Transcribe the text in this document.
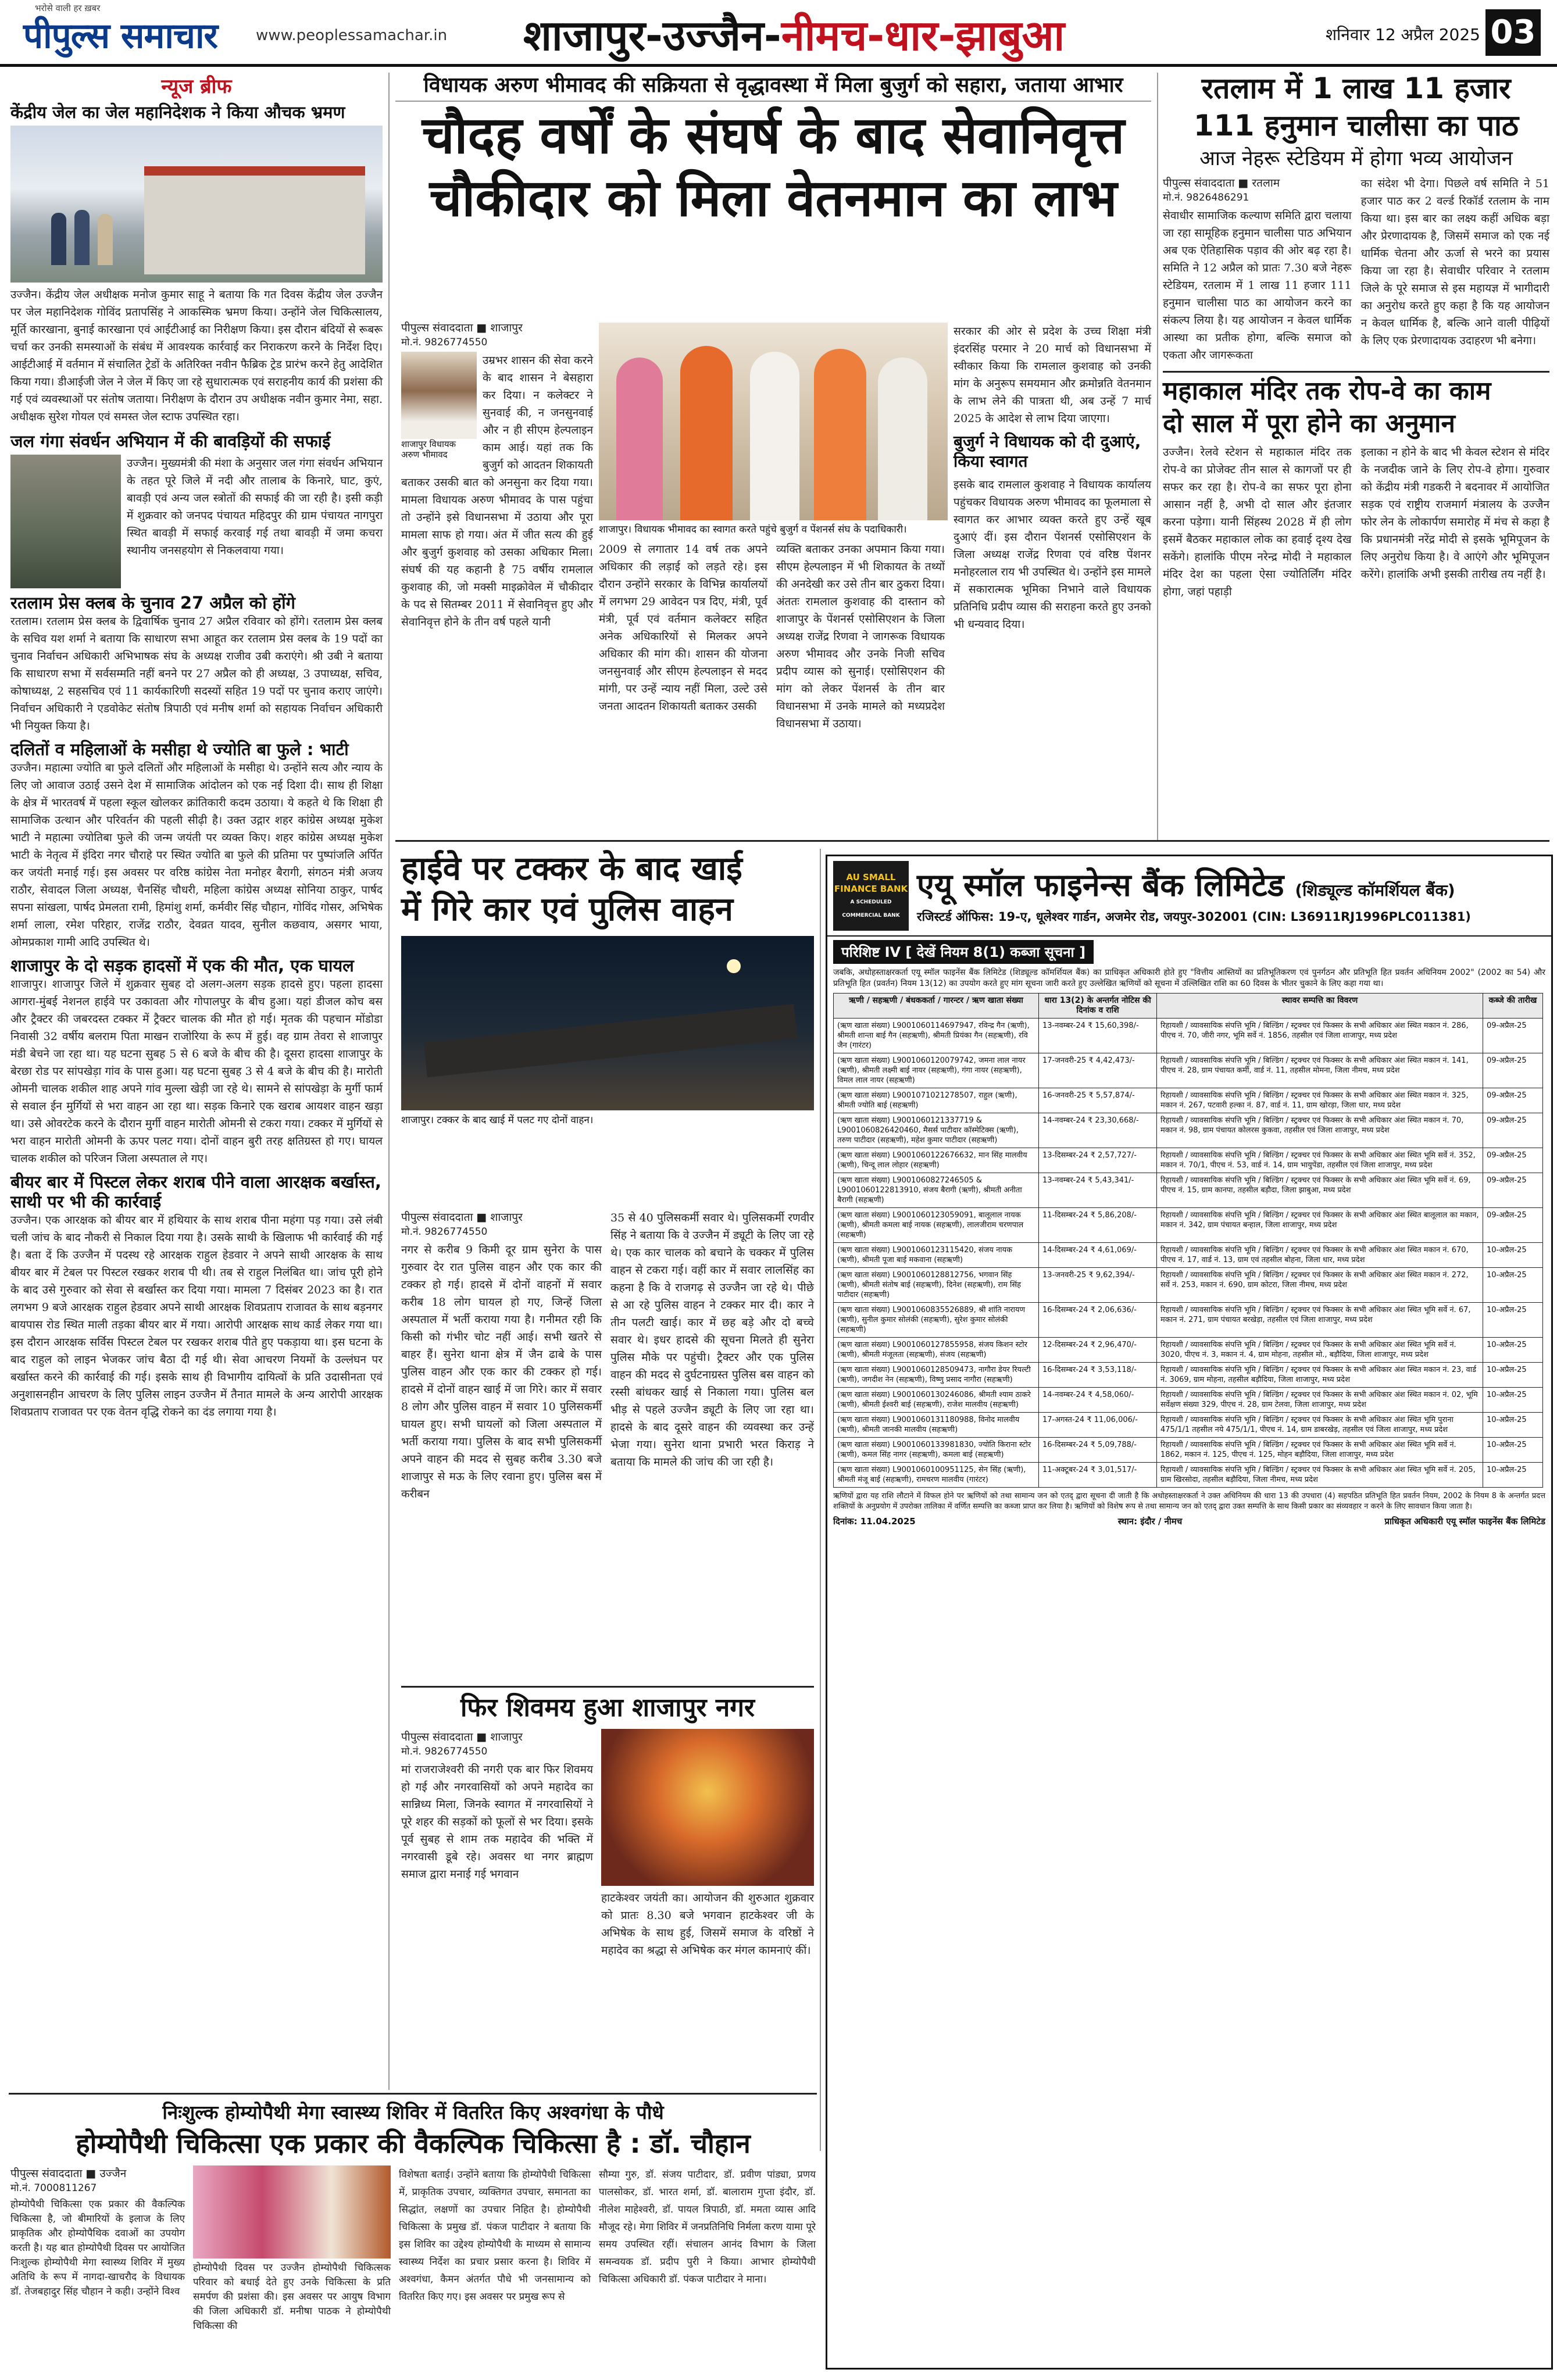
भरोसे वाली हर ख़बर
पीपुल्स समाचार	www.peoplessamachar.in शाजापुर-उज्जैन-नीमच-धार-झाबुआ	शनिवार 12 अप्रैल 2025 03
न्यूज ब्रीफ
केंद्रीय जेल का जेल महानिदेशक ने किया औचक भ्रमण
उज्जैन। केंद्रीय जेल अधीक्षक मनोज कुमार साहू ने बताया कि गत दिवस केंद्रीय जेल उज्जैन पर जेल महानिदेशक गोविंद प्रतापसिंह ने आकस्मिक भ्रमण किया। उन्होंने जेल चिकित्सालय, मूर्ति कारखाना, बुनाई कारखाना एवं आईटीआई का निरीक्षण किया। इस दौरान बंदियों से रूबरू चर्चा कर उनकी समस्याओं के संबंध में आवश्यक कार्रवाई कर निराकरण करने के निर्देश दिए। आईटीआई में वर्तमान में संचालित ट्रेडों के अतिरिक्त नवीन फैब्रिक ट्रेड प्रारंभ करने हेतु आदेशित किया गया। डीआईजी जेल ने जेल में किए जा रहे सुधारात्मक एवं सराहनीय कार्य की प्रशंसा की गई एवं व्यवस्थाओं पर संतोष जताया। निरीक्षण के दौरान उप अधीक्षक नवीन कुमार नेमा, सहा. अधीक्षक सुरेश गोयल एवं समस्त जेल स्टाफ उपस्थित रहा।
जल गंगा संवर्धन अभियान में की बावड़ियों की सफाई
उज्जैन। मुख्यमंत्री की मंशा के अनुसार जल गंगा संवर्धन अभियान के तहत पूरे जिले में नदी और तालाब के किनारे, घाट, कुएं, बावड़ी एवं अन्य जल स्त्रोतों की सफाई की जा रही है। इसी कड़ी में शुक्रवार को जनपद पंचायत महिदपुर की ग्राम पंचायत नागपुरा स्थित बावड़ी में सफाई करवाई गई तथा बावड़ी में जमा कचरा स्थानीय जनसहयोग से निकलवाया गया।
रतलाम प्रेस क्लब के चुनाव 27 अप्रैल को होंगे
रतलाम। रतलाम प्रेस क्लब के द्विवार्षिक चुनाव 27 अप्रैल रविवार को होंगे। रतलाम प्रेस क्लब के सचिव यश शर्मा ने बताया कि साधारण सभा आहूत कर रतलाम प्रेस क्लब के 19 पदों का चुनाव निर्वाचन अधिकारी अभिभाषक संघ के अध्यक्ष राजीव उबी कराएंगे। श्री उबी ने बताया कि साधारण सभा में सर्वसम्मति नहीं बनने पर 27 अप्रैल को ही अध्यक्ष, 3 उपाध्यक्ष, सचिव, कोषाध्यक्ष, 2 सहसचिव एवं 11 कार्यकारिणी सदस्यों सहित 19 पदों पर चुनाव कराए जाएंगे। निर्वाचन अधिकारी ने एडवोकेट संतोष त्रिपाठी एवं मनीष शर्मा को सहायक निर्वाचन अधिकारी भी नियुक्त किया है।
दलितों व महिलाओं के मसीहा थे ज्योति बा फुले : भाटी
उज्जैन। महात्मा ज्योति बा फुले दलितों और महिलाओं के मसीहा थे। उन्होंने सत्य और न्याय के लिए जो आवाज उठाई उसने देश में सामाजिक आंदोलन को एक नई दिशा दी। साथ ही शिक्षा के क्षेत्र में भारतवर्ष में पहला स्कूल खोलकर क्रांतिकारी कदम उठाया। ये कहते थे कि शिक्षा ही सामाजिक उत्थान और परिवर्तन की पहली सीढ़ी है। उक्त उद्गार शहर कांग्रेस अध्यक्ष मुकेश भाटी ने महात्मा ज्योतिबा फुले की जन्म जयंती पर व्यक्त किए। शहर कांग्रेस अध्यक्ष मुकेश भाटी के नेतृत्व में इंदिरा नगर चौराहे पर स्थित ज्योति बा फुले की प्रतिमा पर पुष्पांजलि अर्पित कर जयंती मनाई गई। इस अवसर पर वरिष्ठ कांग्रेस नेता मनोहर बैरागी, संगठन मंत्री अजय राठौर, सेवादल जिला अध्यक्ष, चैनसिंह चौधरी, महिला कांग्रेस अध्यक्ष सोनिया ठाकुर, पार्षद सपना सांखला, पार्षद प्रेमलता रामी, हिमांशु शर्मा, कर्मवीर सिंह चौहान, गोविंद गोसर, अभिषेक शर्मा लाला, रमेश परिहार, राजेंद्र राठौर, देवव्रत यादव, सुनील कछवाय, असगर भाया, ओमप्रकाश गामी आदि उपस्थित थे।
शाजापुर के दो सड़क हादसों में एक की मौत, एक घायल
शाजापुर। शाजापुर जिले में शुक्रवार सुबह दो अलग-अलग सड़क हादसे हुए। पहला हादसा आगरा-मुंबई नेशनल हाईवे पर उकावता और गोपालपुर के बीच हुआ। यहां डीजल कोच बस और ट्रैक्टर की जबरदस्त टक्कर में ट्रैक्टर चालक की मौत हो गई। मृतक की पहचान मोंडोडा निवासी 32 वर्षीय बलराम पिता माखन राजोरिया के रूप में हुई। वह ग्राम तेवरा से शाजापुर मंडी बेचने जा रहा था। यह घटना सुबह 5 से 6 बजे के बीच की है। दूसरा हादसा शाजापुर के बेरछा रोड पर सांपखेड़ा गांव के पास हुआ। यह घटना सुबह 3 से 4 बजे के बीच की है। मारोती ओमनी चालक शकील शाह अपने गांव मुल्ला खेड़ी जा रहे थे। सामने से सांपखेड़ा के मुर्गी फार्म से सवाल ईन मुर्गियों से भरा वाहन आ रहा था। सड़क किनारे एक खराब आयशर वाहन खड़ा था। उसे ओवरटेक करने के दौरान मुर्गी वाहन मारोती ओमनी से टकरा गया। टक्कर में मुर्गियों से भरा वाहन मारोती ओमनी के ऊपर पलट गया। दोनों वाहन बुरी तरह क्षतिग्रस्त हो गए। घायल चालक शकील को परिजन जिला अस्पताल ले गए।
बीयर बार में पिस्टल लेकर शराब पीने वाला आरक्षक बर्खास्त, साथी पर भी की कार्रवाई
उज्जैन। एक आरक्षक को बीयर बार में हथियार के साथ शराब पीना महंगा पड़ गया। उसे लंबी चली जांच के बाद नौकरी से निकाल दिया गया है। उसके साथी के खिलाफ भी कार्रवाई की गई है। बता दें कि उज्जैन में पदस्थ रहे आरक्षक राहुल हेडवार ने अपने साथी आरक्षक के साथ बीयर बार में टेबल पर पिस्टल रखकर शराब पी थी। तब से राहुल निलंबित था। जांच पूरी होने के बाद उसे गुरुवार को सेवा से बर्खास्त कर दिया गया। मामला 7 दिसंबर 2023 का है। रात लगभग 9 बजे आरक्षक राहुल हेडवार अपने साथी आरक्षक शिवप्रताप राजावत के साथ बड़नगर बायपास रोड स्थित माली तड़का बीयर बार में गया। आरोपी आरक्षक साथ कार्ड लेकर गया था। इस दौरान आरक्षक सर्विस पिस्टल टेबल पर रखकर शराब पीते हुए पकड़ाया था। इस घटना के बाद राहुल को लाइन भेजकर जांच बैठा दी गई थी। सेवा आचरण नियमों के उल्लंघन पर बर्खास्त करने की कार्रवाई की गई। इसके साथ ही विभागीय दायित्वों के प्रति उदासीनता एवं अनुशासनहीन आचरण के लिए पुलिस लाइन उज्जैन में तैनात मामले के अन्य आरोपी आरक्षक शिवप्रताप राजावत पर एक वेतन वृद्धि रोकने का दंड लगाया गया है।
विधायक अरुण भीमावद की सक्रियता से वृद्धावस्था में मिला बुजुर्ग को सहारा, जताया आभार
चौदह वर्षों के संघर्ष के बाद सेवानिवृत्त
चौकीदार को मिला वेतनमान का लाभ
पीपुल्स संवाददाता ■ शाजापुर
मो.नं. 9826774550
शाजापुर विधायक अरुण भीमावद
उम्रभर शासन की सेवा करने के बाद शासन ने बेसहारा कर दिया। न कलेक्टर ने सुनवाई की, न जनसुनवाई और न ही सीएम हेल्पलाइन काम आई। यहां तक कि बुजुर्ग को आदतन शिकायती बताकर उसकी बात को अनसुना कर दिया गया। मामला विधायक अरुण भीमावद के पास पहुंचा तो उन्होंने इसे विधानसभा में उठाया और पूरा मामला साफ हो गया। अंत में जीत सत्य की हुई और बुजुर्ग कुशवाह को उसका अधिकार मिला। संघर्ष की यह कहानी है 75 वर्षीय रामलाल कुशवाह की, जो मक्सी माइक्रोवेल में चौकीदार के पद से सितम्बर 2011 में सेवानिवृत्त हुए और सेवानिवृत्त होने के तीन वर्ष पहले यानी
शाजापुर। विधायक भीमावद का स्वागत करते पहुंचे बुजुर्ग व पेंशनर्स संघ के पदाधिकारी।
2009 से लगातार 14 वर्ष तक अपने अधिकार की लड़ाई को लड़ते रहे। इस दौरान उन्होंने सरकार के विभिन्न कार्यालयों में लगभग 29 आवेदन पत्र दिए, मंत्री, पूर्व मंत्री, पूर्व एवं वर्तमान कलेक्टर सहित अनेक अधिकारियों से मिलकर अपने अधिकार की मांग की। शासन की योजना जनसुनवाई और सीएम हेल्पलाइन से मदद मांगी, पर उन्हें न्याय नहीं मिला, उल्टे उसे जनता आदतन शिकायती बताकर उसकी
व्यक्ति बताकर उनका अपमान किया गया। सीएम हेल्पलाइन में भी शिकायत के तथ्यों की अनदेखी कर उसे तीन बार ठुकरा दिया। अंततः रामलाल कुशवाह की दास्तान को शाजापुर के पेंशनर्स एसोसिएशन के जिला अध्यक्ष राजेंद्र रिणवा ने जागरूक विधायक अरुण भीमावद और उनके निजी सचिव प्रदीप व्यास को सुनाई। एसोसिएशन की मांग को लेकर पेंशनर्स के तीन बार विधानसभा में उनके मामले को मध्यप्रदेश विधानसभा में उठाया।
सरकार की ओर से प्रदेश के उच्च शिक्षा मंत्री इंदरसिंह परमार ने 20 मार्च को विधानसभा में स्वीकार किया कि रामलाल कुशवाह को उनकी मांग के अनुरूप समयमान और क्रमोन्नति वेतनमान के लाभ लेने की पात्रता थी, अब उन्हें 7 मार्च 2025 के आदेश से लाभ दिया जाएगा।
बुजुर्ग ने विधायक को दी दुआएं, किया स्वागत
इसके बाद रामलाल कुशवाह ने विधायक कार्यालय पहुंचकर विधायक अरुण भीमावद का फूलमाला से स्वागत कर आभार व्यक्त करते हुए उन्हें खूब दुआएं दीं। इस दौरान पेंशनर्स एसोसिएशन के जिला अध्यक्ष राजेंद्र रिणवा एवं वरिष्ठ पेंशनर मनोहरलाल राय भी उपस्थित थे। उन्होंने इस मामले में सकारात्मक भूमिका निभाने वाले विधायक प्रतिनिधि प्रदीप व्यास की सराहना करते हुए उनको भी धन्यवाद दिया।
रतलाम में 1 लाख 11 हजार
111 हनुमान चालीसा का पाठ
आज नेहरू स्टेडियम में होगा भव्य आयोजन
पीपुल्स संवाददाता ■ रतलाम
मो.नं. 9826486291
सेवाधीर सामाजिक कल्याण समिति द्वारा चलाया जा रहा सामूहिक हनुमान चालीसा पाठ अभियान अब एक ऐतिहासिक पड़ाव की ओर बढ़ रहा है। समिति ने 12 अप्रैल को प्रातः 7.30 बजे नेहरू स्टेडियम, रतलाम में 1 लाख 11 हजार 111 हनुमान चालीसा पाठ का आयोजन करने का संकल्प लिया है। यह आयोजन न केवल धार्मिक आस्था का प्रतीक होगा, बल्कि समाज को एकता और जागरूकता
का संदेश भी देगा। पिछले वर्ष समिति ने 51 हजार पाठ कर 2 वर्ल्ड रिकॉर्ड रतलाम के नाम किया था। इस बार का लक्ष्य कहीं अधिक बड़ा और प्रेरणादायक है, जिसमें समाज को एक नई धार्मिक चेतना और ऊर्जा से भरने का प्रयास किया जा रहा है। सेवाधीर परिवार ने रतलाम जिले के पूरे समाज से इस महायज्ञ में भागीदारी का अनुरोध करते हुए कहा है कि यह आयोजन न केवल धार्मिक है, बल्कि आने वाली पीढ़ियों के लिए एक प्रेरणादायक उदाहरण भी बनेगा।
महाकाल मंदिर तक रोप-वे का काम
दो साल में पूरा होने का अनुमान
उज्जैन। रेलवे स्टेशन से महाकाल मंदिर तक रोप-वे का प्रोजेक्ट तीन साल से कागजों पर ही सफर कर रहा है। रोप-वे का सफर पूरा होना आसान नहीं है, अभी दो साल और इंतजार करना पड़ेगा। यानी सिंहस्थ 2028 में ही लोग इसमें बैठकर महाकाल लोक का हवाई दृश्य देख सकेंगे। हालांकि पीएम नरेन्द्र मोदी ने महाकाल मंदिर देश का पहला ऐसा ज्योतिर्लिंग मंदिर होगा, जहां पहाड़ी
इलाका न होने के बाद भी केवल स्टेशन से मंदिर के नजदीक जाने के लिए रोप-वे होगा। गुरुवार को केंद्रीय मंत्री गडकरी ने बदनावर में आयोजित सड़क एवं राष्ट्रीय राजमार्ग मंत्रालय के उज्जैन फोर लेन के लोकार्पण समारोह में मंच से कहा है कि प्रधानमंत्री नरेंद्र मोदी से इसके भूमिपूजन के लिए अनुरोध किया है। वे आएंगे और भूमिपूजन करेंगे। हालांकि अभी इसकी तारीख तय नहीं है।
हाईवे पर टक्कर के बाद खाई
में गिरे कार एवं पुलिस वाहन
शाजापुर। टक्कर के बाद खाई में पलट गए दोनों वाहन।
पीपुल्स संवाददाता ■ शाजापुर
मो.नं. 9826774550
नगर से करीब 9 किमी दूर ग्राम सुनेरा के पास गुरुवार देर रात पुलिस वाहन और एक कार की टक्कर हो गई। हादसे में दोनों वाहनों में सवार करीब 18 लोग घायल हो गए, जिन्हें जिला अस्पताल में भर्ती कराया गया है। गनीमत रही कि किसी को गंभीर चोट नहीं आई। सभी खतरे से बाहर हैं। सुनेरा थाना क्षेत्र में जैन ढाबे के पास पुलिस वाहन और एक कार की टक्कर हो गई। हादसे में दोनों वाहन खाई में जा गिरे। कार में सवार 8 लोग और पुलिस वाहन में सवार 10 पुलिसकर्मी घायल हुए। सभी घायलों को जिला अस्पताल में भर्ती कराया गया। पुलिस के बाद सभी पुलिसकर्मी अपने वाहन की मदद से सुबह करीब 3.30 बजे शाजापुर से मऊ के लिए रवाना हुए। पुलिस बस में करीबन
35 से 40 पुलिसकर्मी सवार थे। पुलिसकर्मी रणवीर सिंह ने बताया कि वे उज्जैन में ड्यूटी के लिए जा रहे थे। एक कार चालक को बचाने के चक्कर में पुलिस वाहन से टकरा गई। वहीं कार में सवार लालसिंह का कहना है कि वे राजगढ़ से उज्जैन जा रहे थे। पीछे से आ रहे पुलिस वाहन ने टक्कर मार दी। कार ने तीन पलटी खाई। कार में छह बड़े और दो बच्चे सवार थे। इधर हादसे की सूचना मिलते ही सुनेरा पुलिस मौके पर पहुंची। ट्रैक्टर और एक पुलिस वाहन की मदद से दुर्घटनाग्रस्त पुलिस बस वाहन को रस्सी बांधकर खाई से निकाला गया। पुलिस बल भीड़ से पहले उज्जैन ड्यूटी के लिए जा रहा था। हादसे के बाद दूसरे वाहन की व्यवस्था कर उन्हें भेजा गया। सुनेरा थाना प्रभारी भरत किराड़ ने बताया कि मामले की जांच की जा रही है।
फिर शिवमय हुआ शाजापुर नगर
पीपुल्स संवाददाता ■ शाजापुर
मो.नं. 9826774550
मां राजराजेश्वरी की नगरी एक बार फिर शिवमय हो गई और नगरवासियों को अपने महादेव का सान्निध्य मिला, जिनके स्वागत में नगरवासियों ने पूरे शहर की सड़कों को फूलों से भर दिया। इसके पूर्व सुबह से शाम तक महादेव की भक्ति में नगरवासी डूबे रहे। अवसर था नगर ब्राह्मण समाज द्वारा मनाई गई भगवान
हाटकेश्वर जयंती का। आयोजन की शुरुआत शुक्रवार को प्रातः 8.30 बजे भगवान हाटकेश्वर जी के अभिषेक के साथ हुई, जिसमें समाज के वरिष्ठों ने महादेव का श्रद्धा से अभिषेक कर मंगल कामनाएं कीं।
निःशुल्क होम्योपैथी मेगा स्वास्थ्य शिविर में वितरित किए अश्वगंधा के पौधे
होम्योपैथी चिकित्सा एक प्रकार की वैकल्पिक चिकित्सा है : डॉ. चौहान
पीपुल्स संवाददाता ■ उज्जैन
मो.नं. 7000811267
होम्योपैथी चिकित्सा एक प्रकार की वैकल्पिक चिकित्सा है, जो बीमारियों के इलाज के लिए प्राकृतिक और होम्योपैथिक दवाओं का उपयोग करती है। यह बात होम्योपैथी दिवस पर आयोजित निःशुल्क होम्योपैथी मेगा स्वास्थ्य शिविर में मुख्य अतिथि के रूप में नागदा-खाचरौद के विधायक डॉ. तेजबहादुर सिंह चौहान ने कही। उन्होंने विश्व
होम्योपैथी दिवस पर उज्जैन होम्योपैथी चिकित्सक परिवार को बधाई देते हुए उनके चिकित्सा के प्रति समर्पण की प्रशंसा की। इस अवसर पर आयुष विभाग की जिला अधिकारी डॉ. मनीषा पाठक ने होम्योपैथी चिकित्सा की
विशेषता बताई। उन्होंने बताया कि होम्योपैथी चिकित्सा में, प्राकृतिक उपचार, व्यक्तिगत उपचार, समानता का सिद्धांत, लक्षणों का उपचार निहित है। होम्योपैथी चिकित्सा के प्रमुख डॉ. पंकज पाटीदार ने बताया कि इस शिविर का उद्देश्य होम्योपैथी के माध्यम से सामान्य स्वास्थ्य निर्देश का प्रचार प्रसार करना है। शिविर में अश्वगंधा, कैमन अंतर्गत पौधे भी जनसामान्य को वितरित किए गए। इस अवसर पर प्रमुख रूप से
सौम्या गुरु, डॉ. संजय पाटीदार, डॉ. प्रवीण पांड्या, प्रणय पालसोकर, डॉ. भारत शर्मा, डॉ. बालाराम गुप्ता इंदौर, डॉ. नीलेश माहेश्वरी, डॉ. पायल त्रिपाठी, डॉ. ममता व्यास आदि मौजूद रहे। मेगा शिविर में जनप्रतिनिधि निर्मला करण यामा पूरे समय उपस्थित रहीं। संचालन आनंद विभाग के जिला समन्वयक डॉ. प्रदीप पुरी ने किया। आभार होम्योपैथी चिकित्सा अधिकारी डॉ. पंकज पाटीदार ने माना।
AU SMALL FINANCE BANK
A SCHEDULED COMMERCIAL BANK
एयू स्मॉल फाइनेन्स बैंक लिमिटेड (शिड्यूल्ड कॉमर्शियल बैंक)
रजिस्टर्ड ऑफिस: 19-ए, धूलेश्वर गार्डन, अजमेर रोड, जयपुर-302001 (CIN: L36911RJ1996PLC011381)
परिशिष्ट IV [ देखें नियम 8(1) कब्जा सूचना ]
जबकि, अधोहस्ताक्षरकर्ता एयू स्मॉल फाइनेंस बैंक लिमिटेड (शिड्यूल्ड कॉमर्शियल बैंक) का प्राधिकृत अधिकारी होते हुए "वित्तीय आस्तियों का प्रतिभूतिकरण एवं पुनर्गठन और प्रतिभूति हित प्रवर्तन अधिनियम 2002" (2002 का 54) और प्रतिभूति हित (प्रवर्तन) नियम 13(12) का उपयोग करते हुए मांग सूचना जारी करते हुए उल्लेखित ऋणियों को सूचना में उल्लिखित राशि का 60 दिवस के भीतर चुकाने के लिए कहा गया था।
ऋणी / सहऋणी / बंधककर्ता / गारन्टर / ऋण खाता संख्या	धारा 13(2) के अन्तर्गत नोटिस की दिनांक व राशि	स्थावर सम्पत्ति का विवरण	कब्जे की तारीख
(ऋण खाता संख्या) L9001060114697947, रविन्द्र गैन (ऋणी), श्रीमती शान्ता बाई गैन (सहऋणी), श्रीमती प्रियंका गैन (सहऋणी), रवि जैन (गारंटर)	13-नवम्बर-24 ₹ 15,60,398/-	रिहायशी / व्यावसायिक संपत्ति भूमि / बिल्डिंग / स्ट्रक्चर एवं फिक्सर के सभी अधिकार अंश स्थित मकान नं. 286, पीएच नं. 70, जीरी नगर, भूमि सर्वे नं. 1856, तहसील एवं जिला शाजापुर, मध्य प्रदेश	09-अप्रैल-25
(ऋण खाता संख्या) L9001060120079742, जमना लाल नायर (ऋणी), श्रीमती लक्ष्मी बाई नायर (सहऋणी), गंगा नायर (सहऋणी), विमल लाल नायर (सहऋणी)	17-जनवरी-25 ₹ 4,42,473/-	रिहायशी / व्यावसायिक संपत्ति भूमि / बिल्डिंग / स्ट्रक्चर एवं फिक्सर के सभी अधिकार अंश स्थित मकान नं. 141, पीएच नं. 28, ग्राम पंचायत कर्मी, वार्ड नं. 11, तहसील मोमना, जिला नीमच, मध्य प्रदेश	09-अप्रैल-25
(ऋण खाता संख्या) L9001071021278507, राहुल (ऋणी), श्रीमती ज्योति बाई (सहऋणी)	16-जनवरी-25 ₹ 5,57,874/-	रिहायशी / व्यावसायिक संपत्ति भूमि / बिल्डिंग / स्ट्रक्चर एवं फिक्सर के सभी अधिकार अंश स्थित मकान नं. 325, मकान नं. 267, पटवारी हल्का नं. 87, वार्ड नं. 11, ग्राम खोरड़ा, जिला धार, मध्य प्रदेश	09-अप्रैल-25
(ऋण खाता संख्या) L9001060121337719 & L9001060826420460, मैसर्स पाटीदार कॉस्मेटिक्स (ऋणी), तरुण पाटीदार (सहऋणी), महेश कुमार पाटीदार (सहऋणी)	14-नवम्बर-24 ₹ 23,30,668/-	रिहायशी / व्यावसायिक संपत्ति भूमि / बिल्डिंग / स्ट्रक्चर एवं फिक्सर के सभी अधिकार अंश स्थित मकान नं. 70, मकान नं. 98, ग्राम पंचायत कोलरस कुकवा, तहसील एवं जिला शाजापुर, मध्य प्रदेश	09-अप्रैल-25
(ऋण खाता संख्या) L9001060122676632, मान सिंह मालवीय (ऋणी), चिन्दू लाल लोहार (सहऋणी)	13-दिसम्बर-24 ₹ 2,57,727/-	रिहायशी / व्यावसायिक संपत्ति भूमि / बिल्डिंग / स्ट्रक्चर एवं फिक्सर के सभी अधिकार अंश स्थित भूमि सर्वे नं. 352, मकान नं. 70/1, पीएच नं. 53, वार्ड नं. 14, ग्राम भायुपेंडा, तहसील एवं जिला शाजापुर, मध्य प्रदेश	09-अप्रैल-25
(ऋण खाता संख्या) L9001060827246505 & L9001060122813910, संजय बैरागी (ऋणी), श्रीमती अनीता बैरागी (सहऋणी)	13-नवम्बर-24 ₹ 5,43,341/-	रिहायशी / व्यावसायिक संपत्ति भूमि / बिल्डिंग / स्ट्रक्चर एवं फिक्सर के सभी अधिकार अंश स्थित भूमि सर्वे नं. 69, पीएच नं. 15, ग्राम कानपा, तहसील बड़ौदा, जिला झाबुआ, मध्य प्रदेश	09-अप्रैल-25
(ऋण खाता संख्या) L9001060123059091, बालूलाल नायक (ऋणी), श्रीमती कमला बाई नायक (सहऋणी), लालजीराम चरणपाल (सहऋणी)	11-दिसम्बर-24 ₹ 5,86,208/-	रिहायशी / व्यावसायिक संपत्ति भूमि / बिल्डिंग / स्ट्रक्चर एवं फिक्सर के सभी अधिकार अंश स्थित बालूलाल का मकान, मकान नं. 342, ग्राम पंचायत बन्हाल, जिला शाजापुर, मध्य प्रदेश	09-अप्रैल-25
(ऋण खाता संख्या) L9001060123115420, संजय नायक (ऋणी), श्रीमती पूजा बाई मकवाना (सहऋणी)	14-दिसम्बर-24 ₹ 4,61,069/-	रिहायशी / व्यावसायिक संपत्ति भूमि / बिल्डिंग / स्ट्रक्चर एवं फिक्सर के सभी अधिकार अंश स्थित मकान नं. 670, पीएच नं. 17, वार्ड नं. 13, ग्राम एवं तहसील बोहना, जिला धार, मध्य प्रदेश	10-अप्रैल-25
(ऋण खाता संख्या) L9001060128812756, भगवान सिंह (ऋणी), श्रीमती संतोष बाई (सहऋणी), दिनेश (सहऋणी), राम सिंह पाटीदार (सहऋणी)	13-जनवरी-25 ₹ 9,62,394/-	रिहायशी / व्यावसायिक संपत्ति भूमि / बिल्डिंग / स्ट्रक्चर एवं फिक्सर के सभी अधिकार अंश स्थित मकान नं. 272, सर्वे नं. 253, मकान नं. 690, ग्राम कोटरा, जिला नीमच, मध्य प्रदेश	10-अप्रैल-25
(ऋण खाता संख्या) L9001060835526889, श्री शांति नारायण (ऋणी), सुनील कुमार सोलंकी (सहऋणी), सुरेश कुमार सोलंकी (सहऋणी)	16-दिसम्बर-24 ₹ 2,06,636/-	रिहायशी / व्यावसायिक संपत्ति भूमि / बिल्डिंग / स्ट्रक्चर एवं फिक्सर के सभी अधिकार अंश स्थित भूमि सर्वे नं. 67, मकान नं. 271, ग्राम पंचायत बरखेड़ा, तहसील एवं जिला शाजापुर, मध्य प्रदेश	10-अप्रैल-25
(ऋण खाता संख्या) L9001060127855958, संजय किशन स्टोर (ऋणी), श्रीमती मंजूलता (सहऋणी), संजय (सहऋणी)	12-दिसम्बर-24 ₹ 2,96,470/-	रिहायशी / व्यावसायिक संपत्ति भूमि / बिल्डिंग / स्ट्रक्चर एवं फिक्सर के सभी अधिकार अंश स्थित भूमि सर्वे नं. 3020, पीएच नं. 3, मकान नं. 4, ग्राम मोहना, तहसील मो., बड़ौदिया, जिला शाजापुर, मध्य प्रदेश	10-अप्रैल-25
(ऋण खाता संख्या) L9001060128509473, नागौरा डेयर रियल्टी (ऋणी), जगदीश नेन (सहऋणी), विष्णु प्रसाद नागौरा (सहऋणी)	16-दिसम्बर-24 ₹ 3,53,118/-	रिहायशी / व्यावसायिक संपत्ति भूमि / बिल्डिंग / स्ट्रक्चर एवं फिक्सर के सभी अधिकार अंश स्थित मकान नं. 23, वार्ड नं. 3069, ग्राम मोहना, तहसील बड़ौदिया, जिला शाजापुर, मध्य प्रदेश	10-अप्रैल-25
(ऋण खाता संख्या) L9001060130246086, श्रीमती श्याम ठाकरे (ऋणी), श्रीमती ईश्वरी बाई (सहऋणी), राजेश मालवीय (सहऋणी)	14-नवम्बर-24 ₹ 4,58,060/-	रिहायशी / व्यावसायिक संपत्ति भूमि / बिल्डिंग / स्ट्रक्चर एवं फिक्सर के सभी अधिकार अंश स्थित मकान नं. 02, भूमि सर्वेक्षण संख्या 329, पीएच नं. 28, ग्राम टेलवा, जिला शाजापुर, मध्य प्रदेश	10-अप्रैल-25
(ऋण खाता संख्या) L9001060131180988, विनोद मालवीय (ऋणी), श्रीमती जानकी मालवीय (सहऋणी)	17-अगस्त-24 ₹ 11,06,006/-	रिहायशी / व्यावसायिक संपत्ति भूमि / बिल्डिंग / स्ट्रक्चर एवं फिक्सर के सभी अधिकार अंश स्थित भूमि पुराना 475/1/1 तहसील नये 475/1/1, पीएच नं. 14, ग्राम डाबरखेड़, तहसील एवं जिला शाजापुर, मध्य प्रदेश	10-अप्रैल-25
(ऋण खाता संख्या) L9001060133981830, ज्योति किराना स्टोर (ऋणी), कमल सिंह नागर (सहऋणी), कमला बाई (सहऋणी)	16-दिसम्बर-24 ₹ 5,09,788/-	रिहायशी / व्यावसायिक संपत्ति भूमि / बिल्डिंग / स्ट्रक्चर एवं फिक्सर के सभी अधिकार अंश स्थित भूमि सर्वे नं. 1862, मकान नं. 125, पीएच नं. 125, मोहन बड़ौदिया, जिला शाजापुर, मध्य प्रदेश	10-अप्रैल-25
(ऋण खाता संख्या) L9001060100951125, सेन सिंह (ऋणी), श्रीमती मंजू बाई (सहऋणी), रामचरण मालवीय (गारंटर)	11-अक्टूबर-24 ₹ 3,01,517/-	रिहायशी / व्यावसायिक संपत्ति भूमि / बिल्डिंग / स्ट्रक्चर एवं फिक्सर के सभी अधिकार अंश स्थित भूमि सर्वे नं. 205, ग्राम खिरसोदा, तहसील बड़ौदिया, जिला नीमच, मध्य प्रदेश	10-अप्रैल-25
ऋणियों द्वारा यह राशि लौटाने में विफल होने पर ऋणियों को तथा सामान्य जन को एतद् द्वारा सूचना दी जाती है कि अधोहस्ताक्षरकर्ता ने उक्त अधिनियम की धारा 13 की उपधारा (4) सहपठित प्रतिभूति हित प्रवर्तन नियम, 2002 के नियम 8 के अन्तर्गत प्रदत्त शक्तियों के अनुप्रयोग में उपरोक्त तालिका में वर्णित सम्पत्ति का कब्जा प्राप्त कर लिया है। ऋणियों को विशेष रूप से तथा सामान्य जन को एतद् द्वारा उक्त सम्पत्ति के साथ किसी प्रकार का संव्यवहार न करने के लिए सावधान किया जाता है।
दिनांक: 11.04.2025	स्थान: इंदौर / नीमच	प्राधिकृत अधिकारी एयू स्मॉल फाइनेंस बैंक लिमिटेड
